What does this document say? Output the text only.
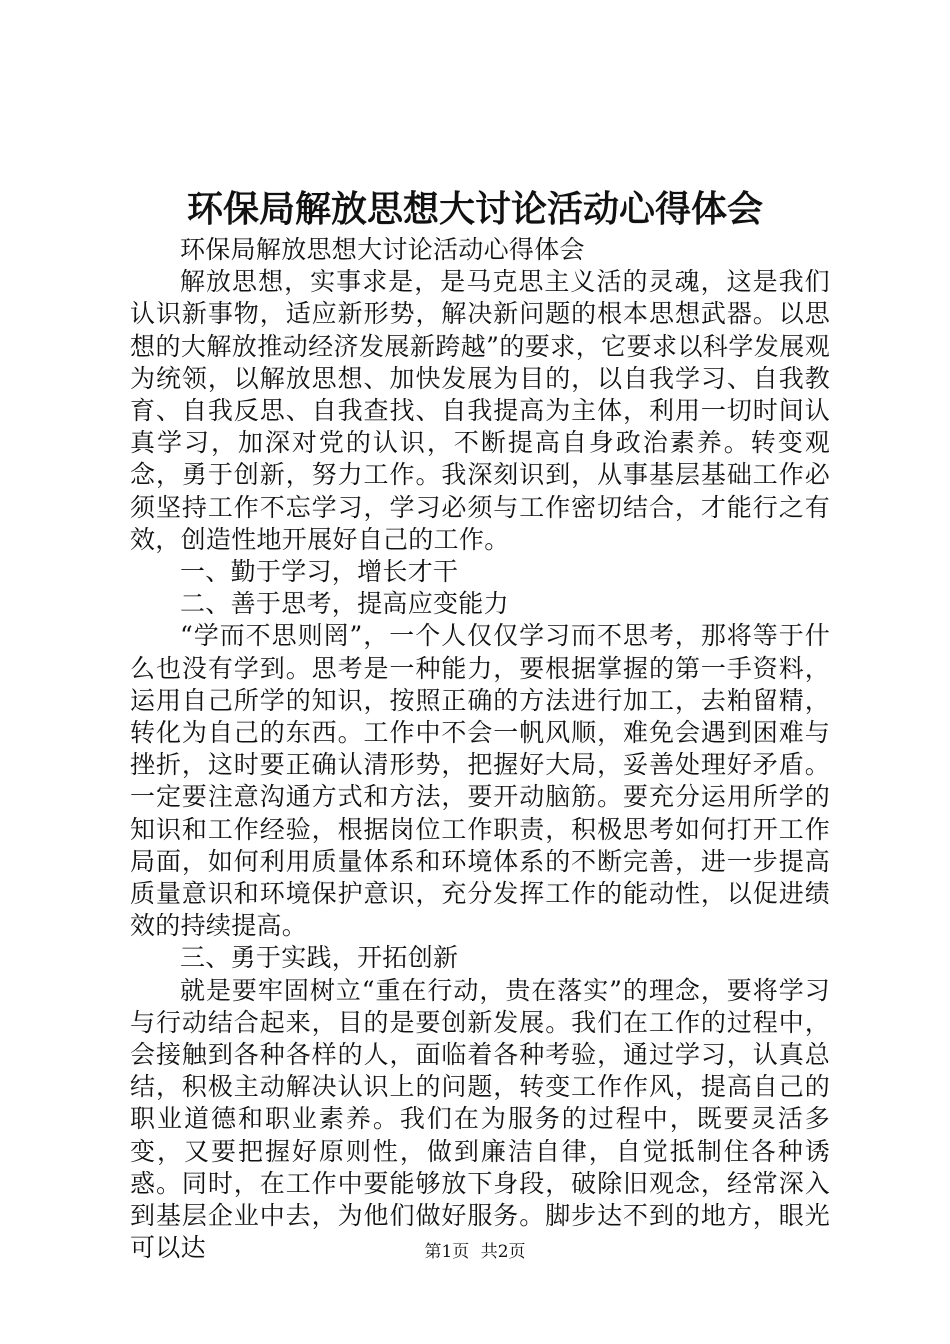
环保局解放思想大讨论活动心得体会

环保局解放思想大讨论活动心得体会

解放思想，实事求是，是马克思主义活的灵魂，这是我们认识新事物，适应新形势，解决新问题的根本思想武器。以思想的大解放推动经济发展新跨越”的要求，它要求以科学发展观为统领，以解放思想、加快发展为目的，以自我学习、自我教育、自我反思、自我查找、自我提高为主体，利用一切时间认真学习，加深对党的认识，不断提高自身政治素养。转变观念，勇于创新，努力工作。我深刻识到，从事基层基础工作必须坚持工作不忘学习，学习必须与工作密切结合，才能行之有效，创造性地开展好自己的工作。

一、勤于学习，增长才干

二、善于思考，提高应变能力

“学而不思则罔”，一个人仅仅学习而不思考，那将等于什么也没有学到。思考是一种能力，要根据掌握的第一手资料，运用自己所学的知识，按照正确的方法进行加工，去粕留精，转化为自己的东西。工作中不会一帆风顺，难免会遇到困难与挫折，这时要正确认清形势，把握好大局，妥善处理好矛盾。一定要注意沟通方式和方法，要开动脑筋。要充分运用所学的知识和工作经验，根据岗位工作职责，积极思考如何打开工作局面，如何利用质量体系和环境体系的不断完善，进一步提高质量意识和环境保护意识，充分发挥工作的能动性，以促进绩效的持续提高。

三、勇于实践，开拓创新

就是要牢固树立“重在行动，贵在落实”的理念，要将学习与行动结合起来，目的是要创新发展。我们在工作的过程中，会接触到各种各样的人，面临着各种考验，通过学习，认真总结，积极主动解决认识上的问题，转变工作作风，提高自己的职业道德和职业素养。我们在为服务的过程中，既要灵活多变，又要把握好原则性，做到廉洁自律，自觉抵制住各种诱惑。同时，在工作中要能够放下身段，破除旧观念，经常深入到基层企业中去，为他们做好服务。脚步达不到的地方，眼光可以达	第1页 共2页
